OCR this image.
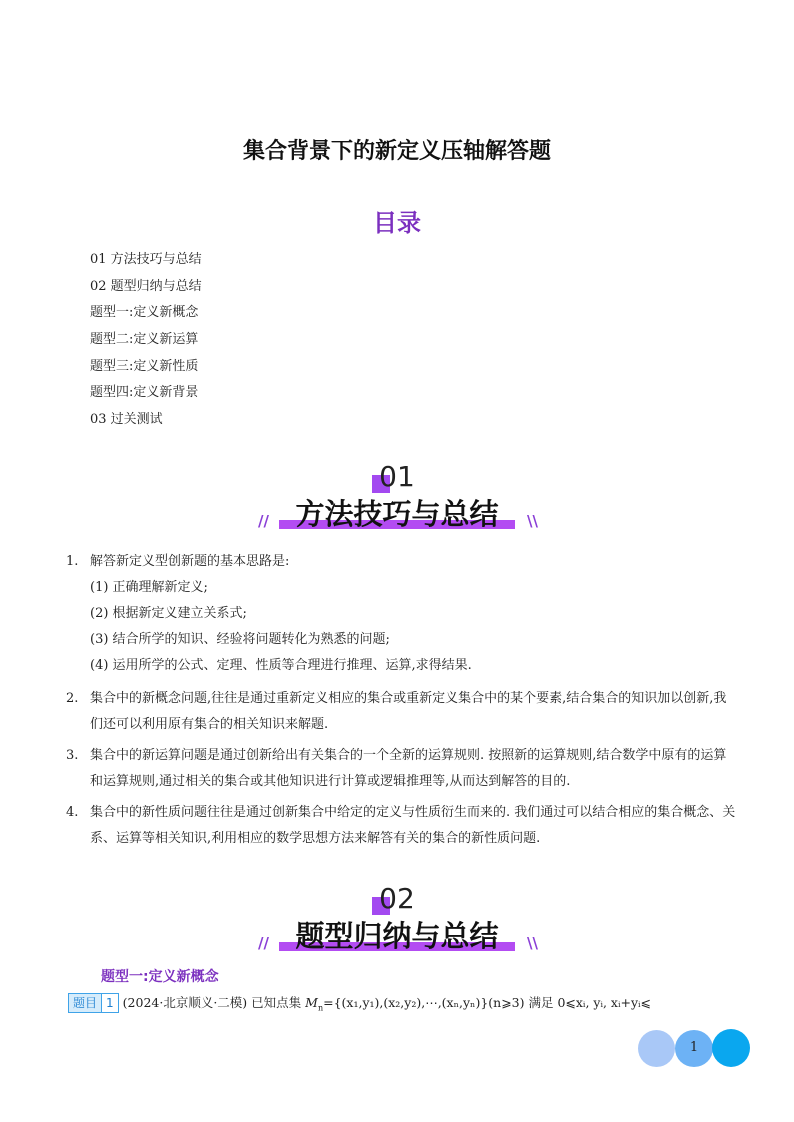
集合背景下的新定义压轴解答题
目录
01 方法技巧与总结
02 题型归纳与总结
题型一:定义新概念
题型二:定义新运算
题型三:定义新性质
题型四:定义新背景
03 过关测试
01
方法技巧与总结
//	\\
1. 解答新定义型创新题的基本思路是:
(1) 正确理解新定义;
(2) 根据新定义建立关系式;
(3) 结合所学的知识、经验将问题转化为熟悉的问题;
(4) 运用所学的公式、定理、性质等合理进行推理、运算,求得结果.
2. 集合中的新概念问题,往往是通过重新定义相应的集合或重新定义集合中的某个要素,结合集合的知识加以创新,我们还可以利用原有集合的相关知识来解题.
3. 集合中的新运算问题是通过创新给出有关集合的一个全新的运算规则. 按照新的运算规则,结合数学中原有的运算和运算规则,通过相关的集合或其他知识进行计算或逻辑推理等,从而达到解答的目的.
4. 集合中的新性质问题往往是通过创新集合中给定的定义与性质衍生而来的. 我们通过可以结合相应的集合概念、关系、运算等相关知识,利用相应的数学思想方法来解答有关的集合的新性质问题.
02
题型归纳与总结
//	\\
题型一:定义新概念
题目 1 (2024·北京顺义·二模) 已知点集 $M_n=\{(x_1,y_1),(x_2,y_2),\cdots,(x_n,y_n)\}(n⩾3)$ 满足 0⩽xᵢ, yᵢ, xᵢ+yᵢ⩽
1
